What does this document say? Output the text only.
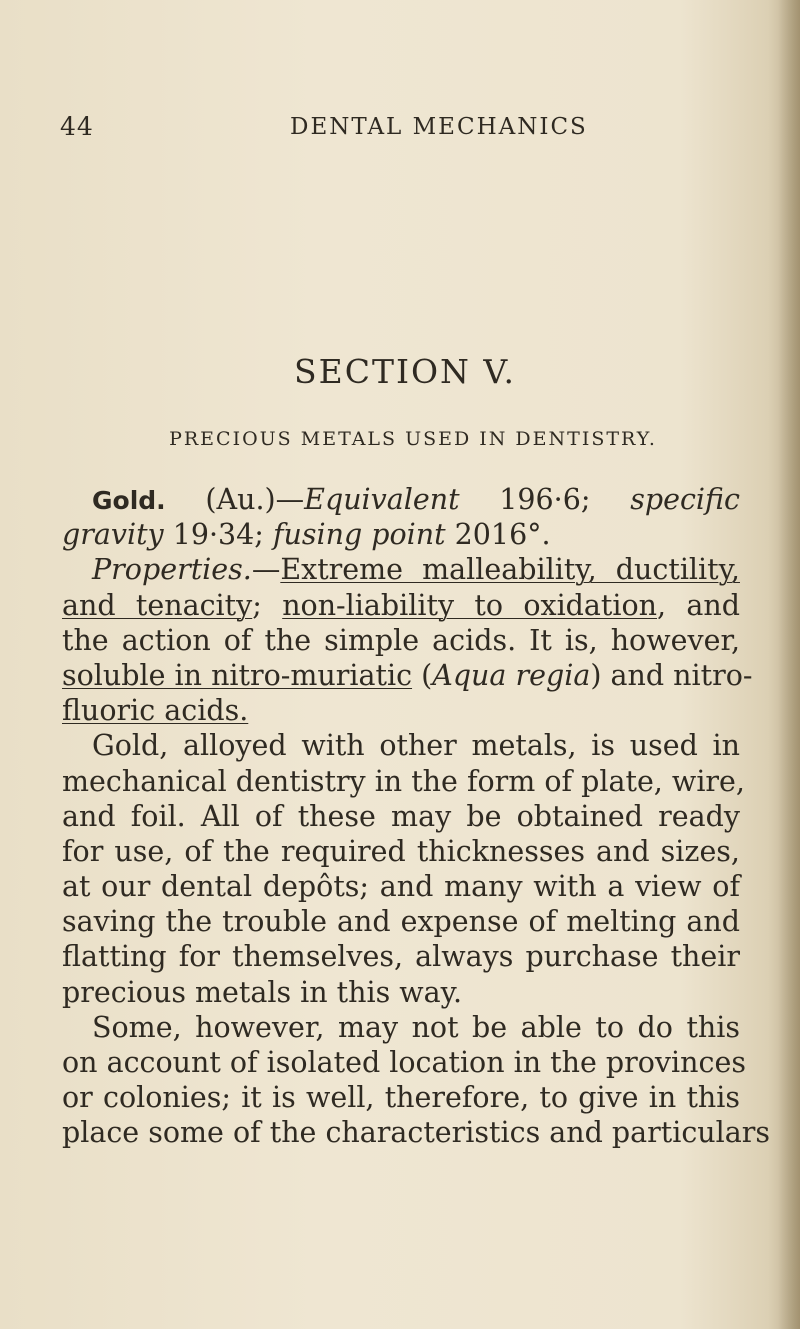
44	DENTAL MECHANICS
SECTION V.
PRECIOUS METALS USED IN DENTISTRY.
Gold. (Au.)—Equivalent 196·6; specific
gravity 19·34; fusing point 2016°.
Properties.—Extreme malleability, ductility,
and tenacity; non-liability to oxidation, and
the action of the simple acids. It is, however,
soluble in nitro-muriatic (Aqua regia) and nitro-
fluoric acids.
Gold, alloyed with other metals, is used in
mechanical dentistry in the form of plate, wire,
and foil. All of these may be obtained ready
for use, of the required thicknesses and sizes,
at our dental depôts; and many with a view of
saving the trouble and expense of melting and
flatting for themselves, always purchase their
precious metals in this way.
Some, however, may not be able to do this
on account of isolated location in the provinces
or colonies; it is well, therefore, to give in this
place some of the characteristics and particulars
